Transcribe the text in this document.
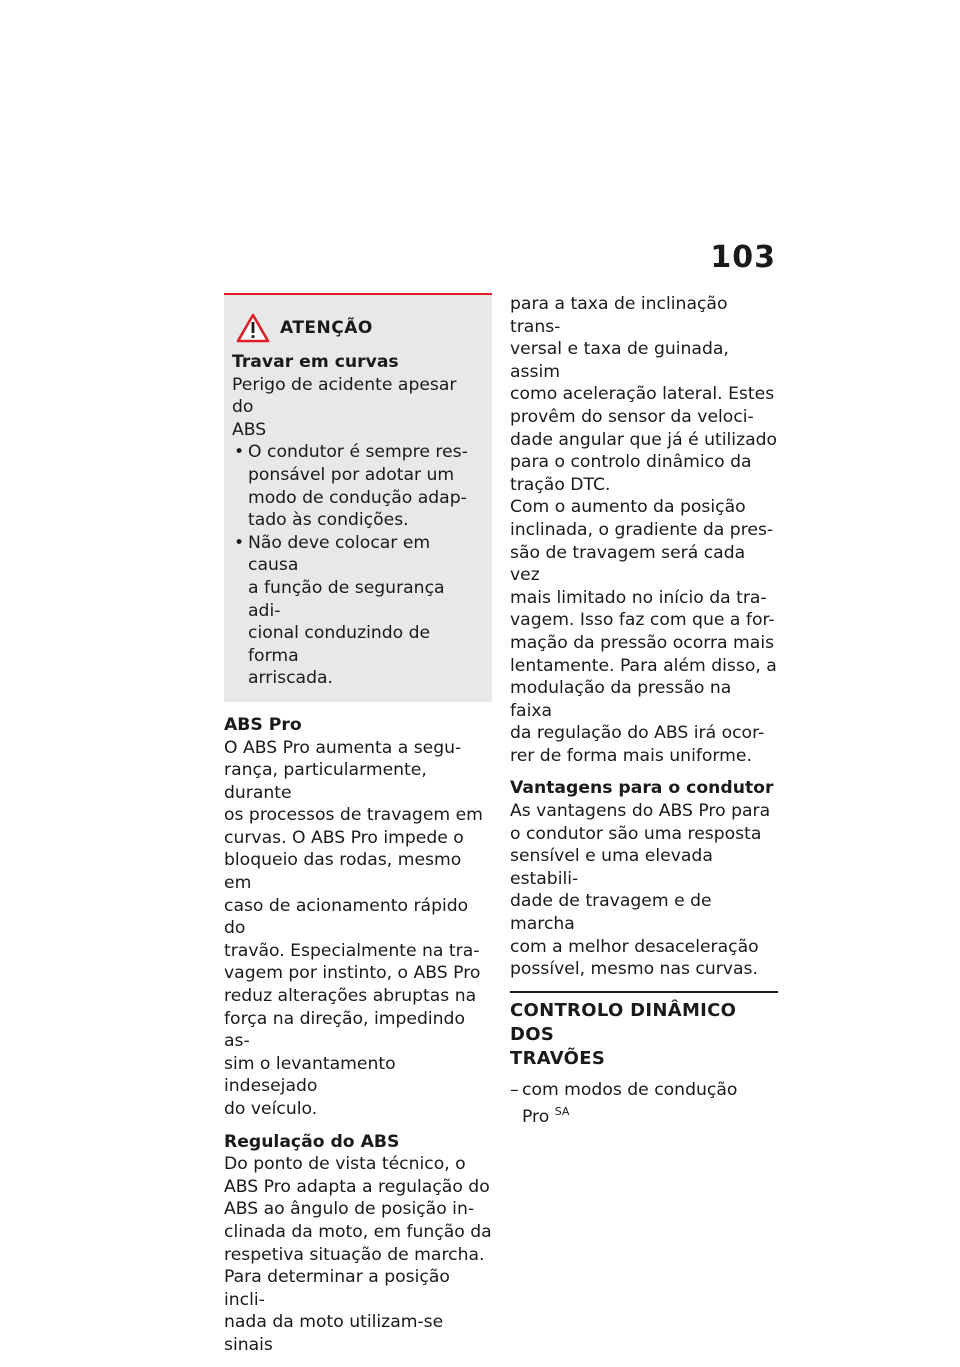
103
ATENÇÃO

Travar em curvas

Perigo de acidente apesar do

ABS

• O condutor é sempre res-
ponsável por adotar um
modo de condução adap-
tado às condições.
• Não deve colocar em causa
a função de segurança adi-
cional conduzindo de forma
arriscada.

ABS Pro

O ABS Pro aumenta a segu-

rança, particularmente, durante

os processos de travagem em

curvas. O ABS Pro impede o

bloqueio das rodas, mesmo em

caso de acionamento rápido do

travão. Especialmente na tra-

vagem por instinto, o ABS Pro

reduz alterações abruptas na

força na direção, impedindo as-

sim o levantamento indesejado

do veículo.

Regulação do ABS

Do ponto de vista técnico, o

ABS Pro adapta a regulação do

ABS ao ângulo de posição in-

clinada da moto, em função da

respetiva situação de marcha.

Para determinar a posição incli-

nada da moto utilizam-se sinais

para a taxa de inclinação trans-

versal e taxa de guinada, assim

como aceleração lateral. Estes

provêm do sensor da veloci-

dade angular que já é utilizado

para o controlo dinâmico da

tração DTC.

Com o aumento da posição

inclinada, o gradiente da pres-

são de travagem será cada vez

mais limitado no início da tra-

vagem. Isso faz com que a for-

mação da pressão ocorra mais

lentamente. Para além disso, a

modulação da pressão na faixa

da regulação do ABS irá ocor-

rer de forma mais uniforme.

Vantagens para o condutor

As vantagens do ABS Pro para

o condutor são uma resposta

sensível e uma elevada estabili-

dade de travagem e de marcha

com a melhor desaceleração

possível, mesmo nas curvas.

CONTROLO DINÂMICO DOS
TRAVÕES
– com modos de condução
Pro $^{SA}$
